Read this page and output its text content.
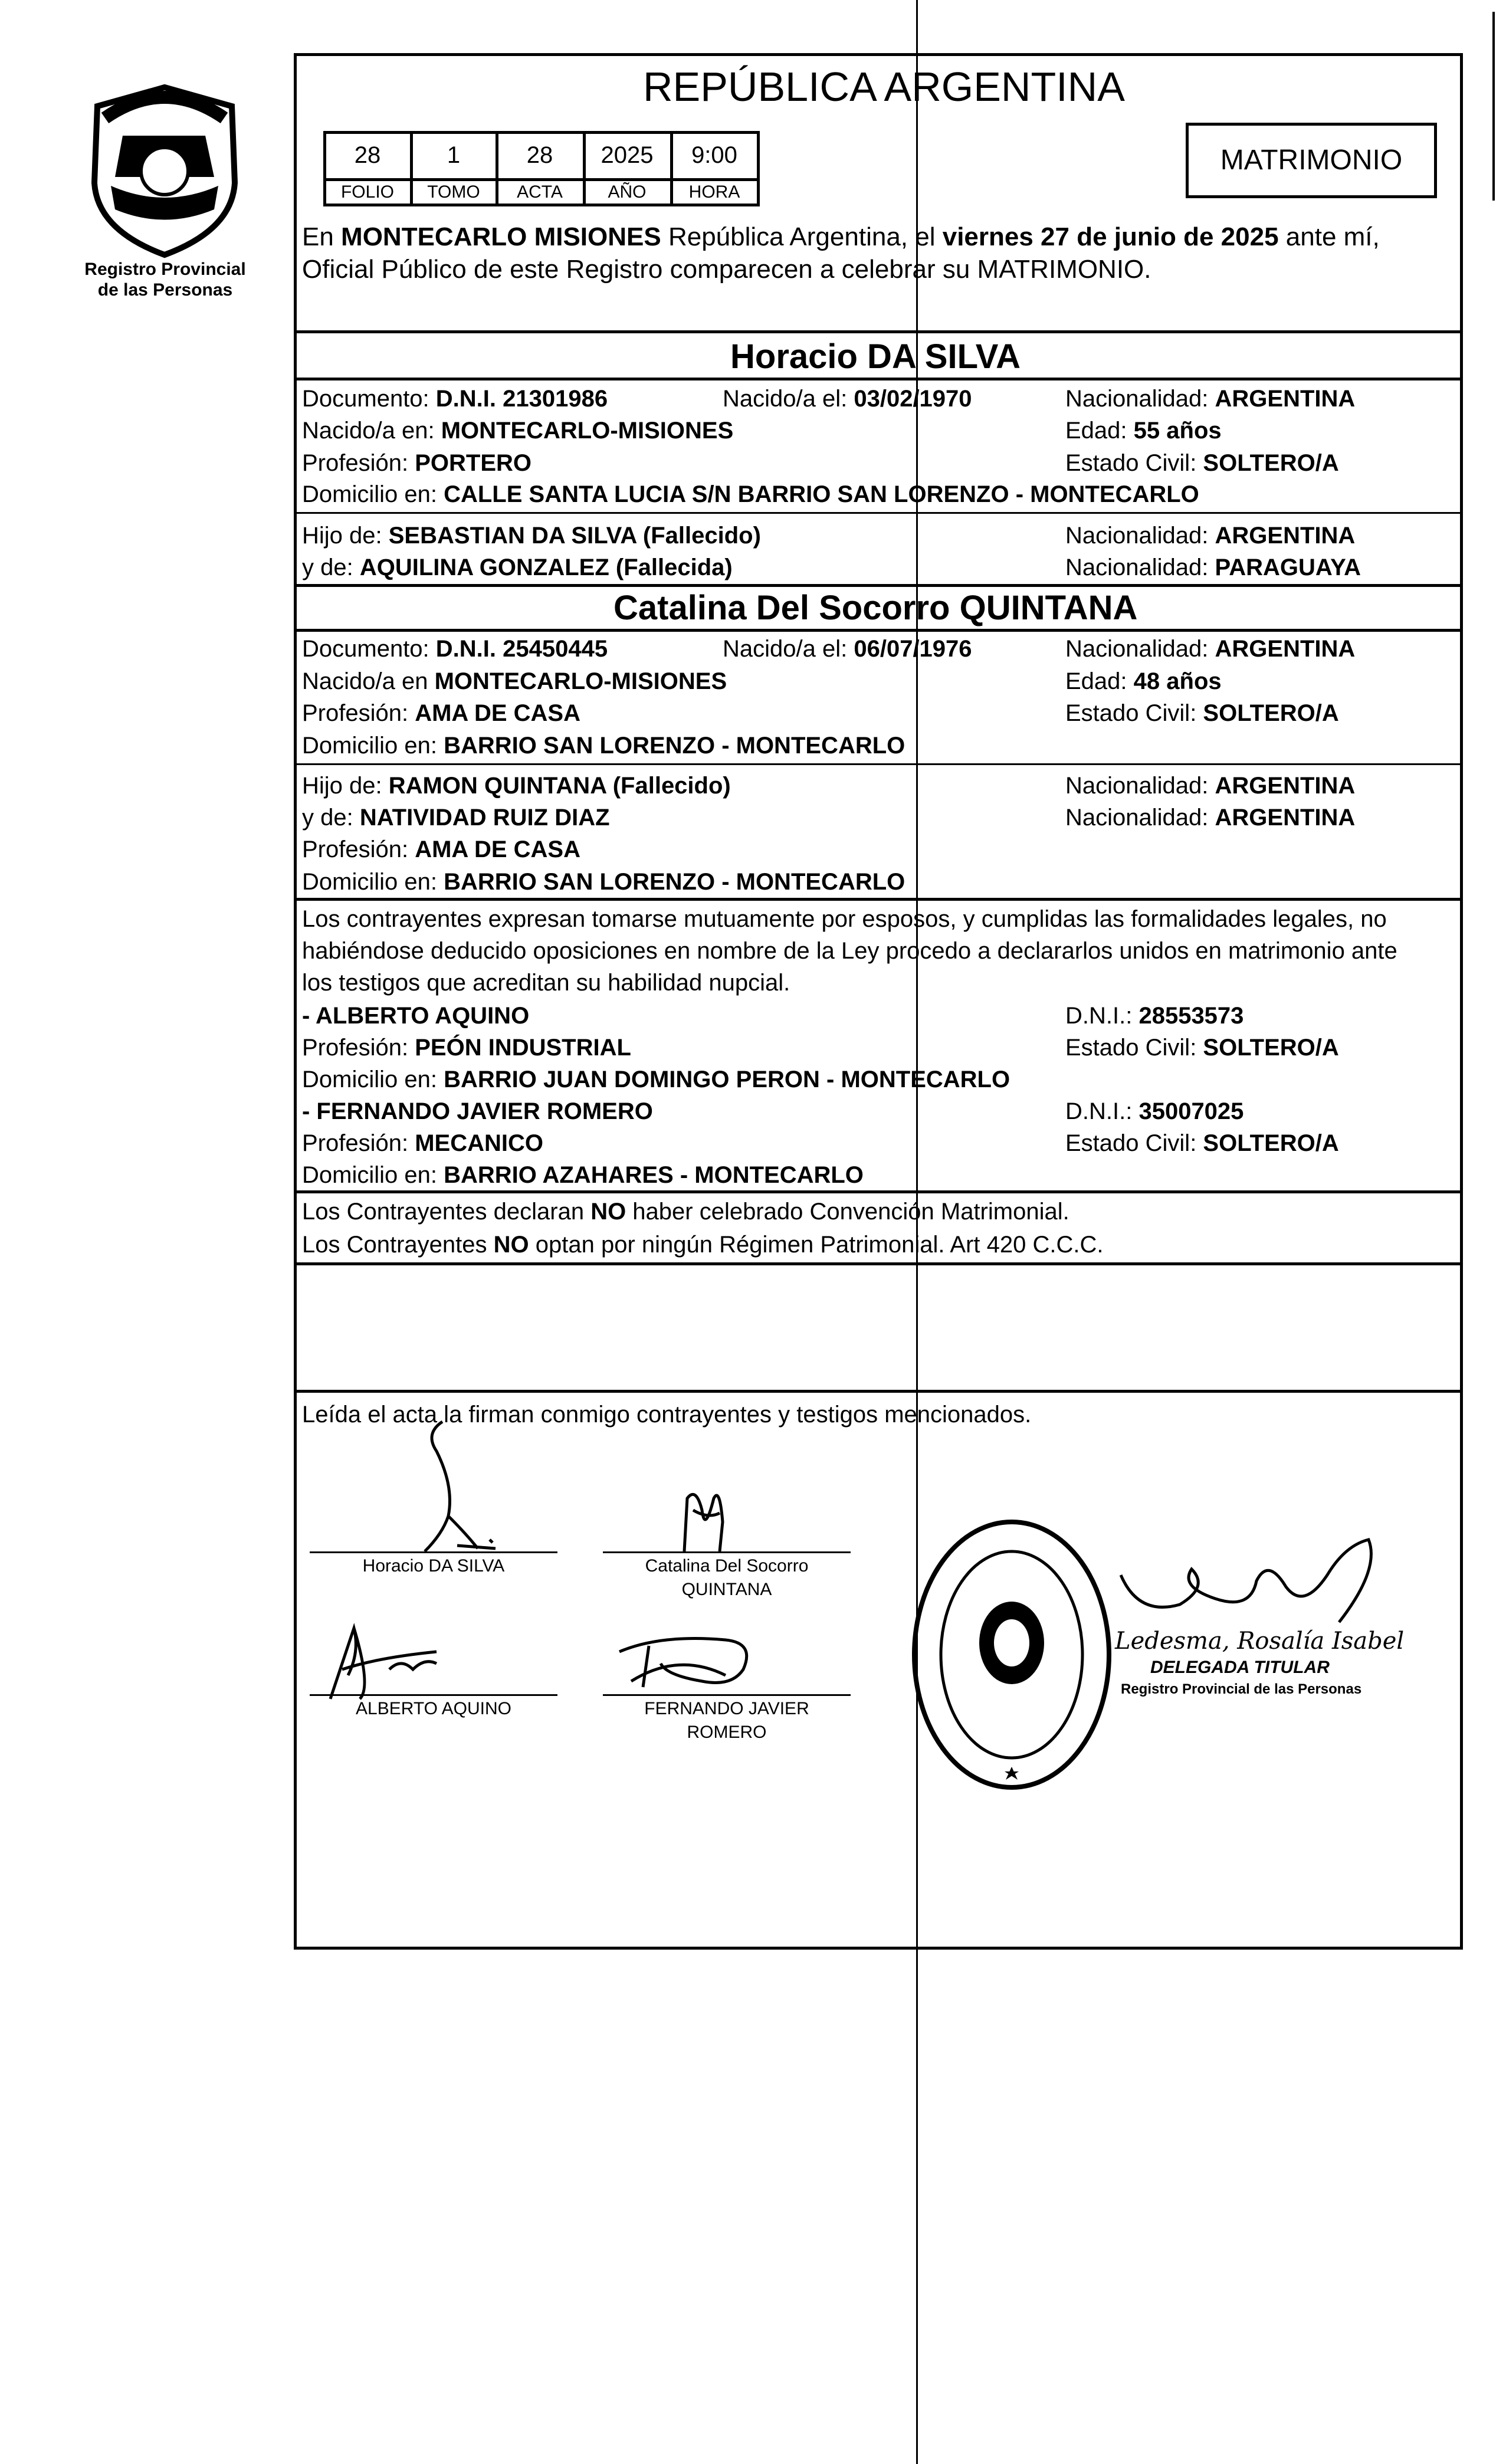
Registro Provincial
de las Personas
REPÚBLICA ARGENTINA
28	1	28	2025	9:00
FOLIO	TOMO	ACTA	AÑO	HORA
MATRIMONIO
En MONTECARLO MISIONES República Argentina, el viernes 27 de junio de 2025 ante mí,
Oficial Público de este Registro comparecen a celebrar su MATRIMONIO.
Horacio DA SILVA
Documento: D.N.I. 21301986	Nacido/a el: 03/02/1970	Nacionalidad: ARGENTINA
Nacido/a en: MONTECARLO-MISIONES	Edad: 55 años
Profesión: PORTERO	Estado Civil: SOLTERO/A
Domicilio en: CALLE SANTA LUCIA S/N BARRIO SAN LORENZO - MONTECARLO
Hijo de: SEBASTIAN DA SILVA (Fallecido)	Nacionalidad: ARGENTINA
y de: AQUILINA GONZALEZ (Fallecida)	Nacionalidad: PARAGUAYA
Catalina Del Socorro QUINTANA
Documento: D.N.I. 25450445	Nacido/a el: 06/07/1976	Nacionalidad: ARGENTINA
Nacido/a en MONTECARLO-MISIONES	Edad: 48 años
Profesión: AMA DE CASA	Estado Civil: SOLTERO/A
Domicilio en: BARRIO SAN LORENZO - MONTECARLO
Hijo de: RAMON QUINTANA (Fallecido)	Nacionalidad: ARGENTINA
y de: NATIVIDAD RUIZ DIAZ	Nacionalidad: ARGENTINA
Profesión: AMA DE CASA
Domicilio en: BARRIO SAN LORENZO - MONTECARLO
Los contrayentes expresan tomarse mutuamente por esposos, y cumplidas las formalidades legales, no
habiéndose deducido oposiciones en nombre de la Ley procedo a declararlos unidos en matrimonio ante
los testigos que acreditan su habilidad nupcial.
- ALBERTO AQUINO	D.N.I.: 28553573
Profesión: PEÓN INDUSTRIAL	Estado Civil: SOLTERO/A
Domicilio en: BARRIO JUAN DOMINGO PERON - MONTECARLO
- FERNANDO JAVIER ROMERO	D.N.I.: 35007025
Profesión: MECANICO	Estado Civil: SOLTERO/A
Domicilio en: BARRIO AZAHARES - MONTECARLO
Los Contrayentes declaran NO haber celebrado Convención Matrimonial.
Los Contrayentes NO optan por ningún Régimen Patrimonial. Art 420 C.C.C.
Leída el acta la firman conmigo contrayentes y testigos mencionados.
Horacio DA SILVA	Catalina Del Socorro
QUINTANA
ALBERTO AQUINO	FERNANDO JAVIER
ROMERO
Ledesma, Rosalía Isabel
DELEGADA TITULAR
Registro Provincial de las Personas
